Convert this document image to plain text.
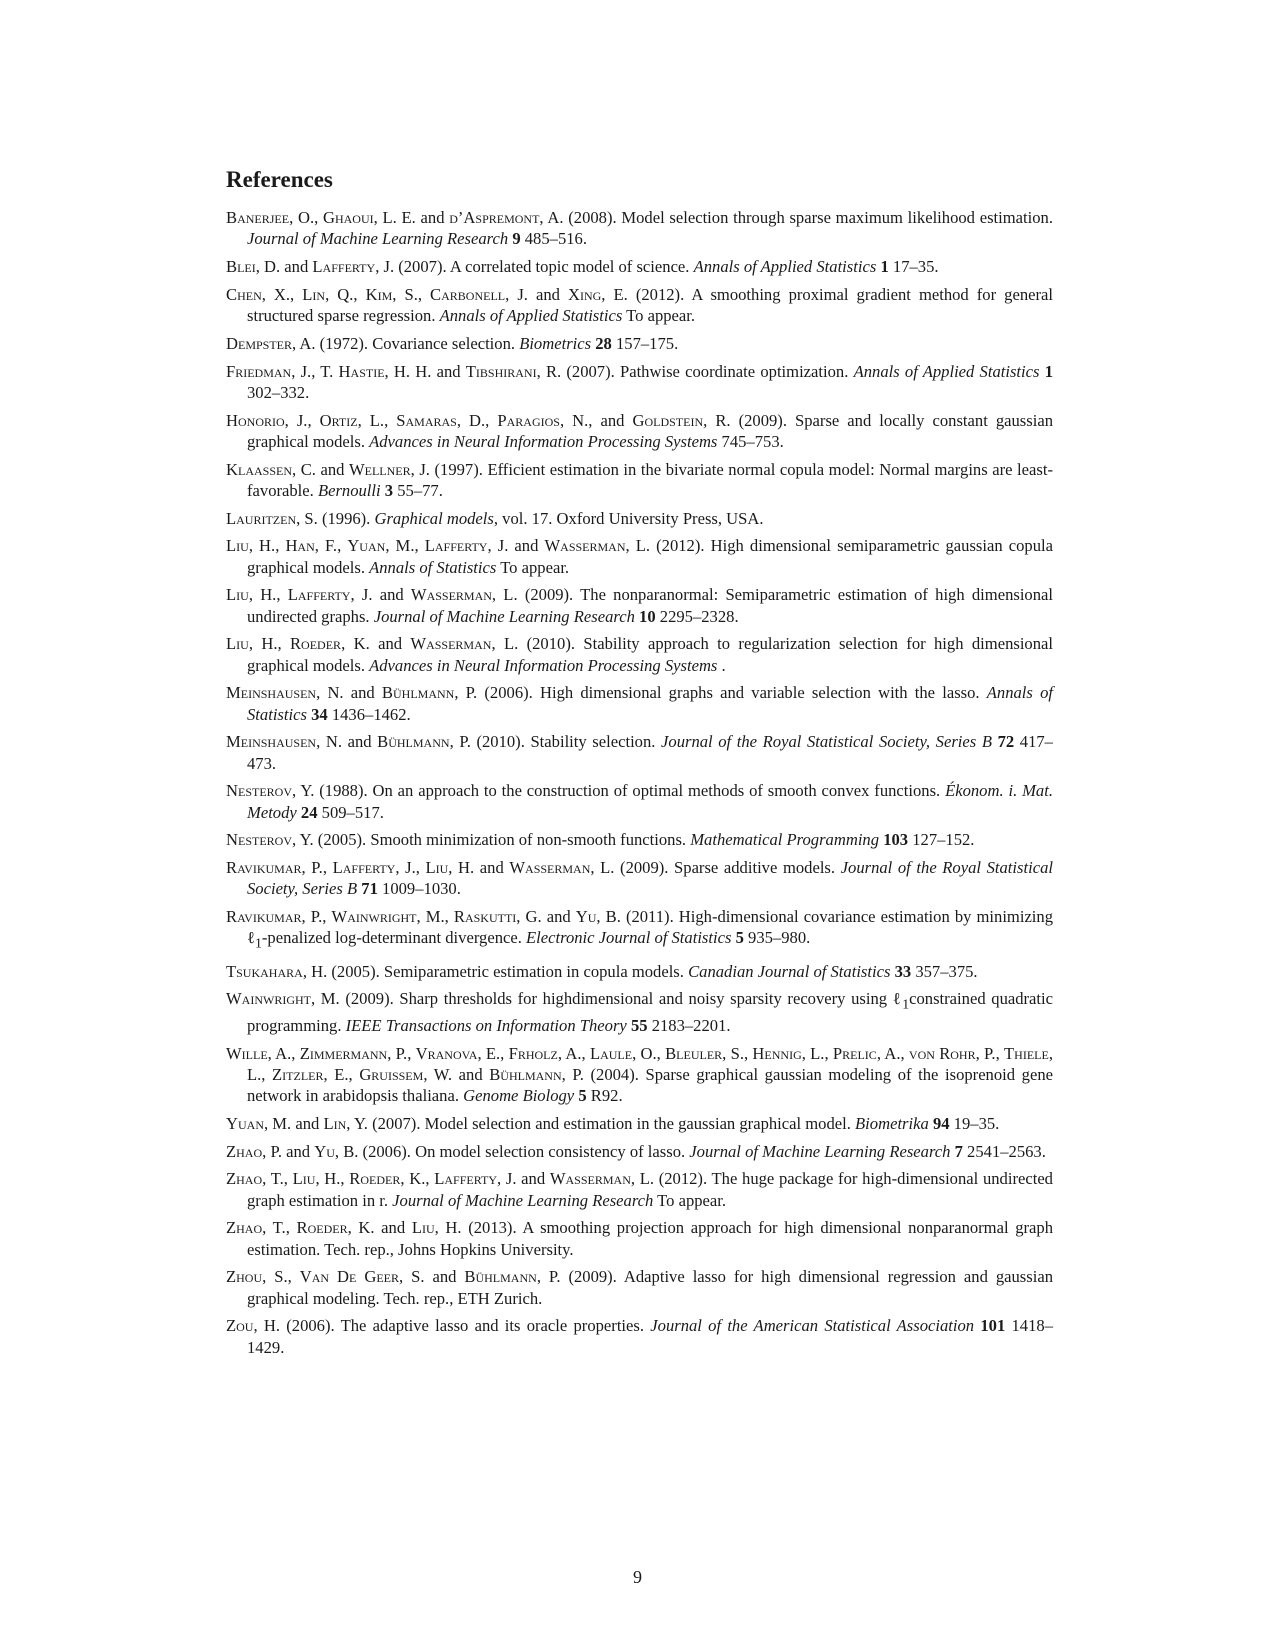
References
Banerjee, O., Ghaoui, L. E. and d’Aspremont, A. (2008). Model selection through sparse maximum likelihood estimation. Journal of Machine Learning Research 9 485–516.
Blei, D. and Lafferty, J. (2007). A correlated topic model of science. Annals of Applied Statistics 1 17–35.
Chen, X., Lin, Q., Kim, S., Carbonell, J. and Xing, E. (2012). A smoothing proximal gradient method for general structured sparse regression. Annals of Applied Statistics To appear.
Dempster, A. (1972). Covariance selection. Biometrics 28 157–175.
Friedman, J., T. Hastie, H. H. and Tibshirani, R. (2007). Pathwise coordinate optimization. Annals of Applied Statistics 1 302–332.
Honorio, J., Ortiz, L., Samaras, D., Paragios, N., and Goldstein, R. (2009). Sparse and locally constant gaussian graphical models. Advances in Neural Information Processing Systems 745–753.
Klaassen, C. and Wellner, J. (1997). Efficient estimation in the bivariate normal copula model: Normal margins are least-favorable. Bernoulli 3 55–77.
Lauritzen, S. (1996). Graphical models, vol. 17. Oxford University Press, USA.
Liu, H., Han, F., Yuan, M., Lafferty, J. and Wasserman, L. (2012). High dimensional semiparametric gaussian copula graphical models. Annals of Statistics To appear.
Liu, H., Lafferty, J. and Wasserman, L. (2009). The nonparanormal: Semiparametric estimation of high dimensional undirected graphs. Journal of Machine Learning Research 10 2295–2328.
Liu, H., Roeder, K. and Wasserman, L. (2010). Stability approach to regularization selection for high dimensional graphical models. Advances in Neural Information Processing Systems .
Meinshausen, N. and Bühlmann, P. (2006). High dimensional graphs and variable selection with the lasso. Annals of Statistics 34 1436–1462.
Meinshausen, N. and Bühlmann, P. (2010). Stability selection. Journal of the Royal Statistical Society, Series B 72 417–473.
Nesterov, Y. (1988). On an approach to the construction of optimal methods of smooth convex functions. Ékonom. i. Mat. Metody 24 509–517.
Nesterov, Y. (2005). Smooth minimization of non-smooth functions. Mathematical Programming 103 127–152.
Ravikumar, P., Lafferty, J., Liu, H. and Wasserman, L. (2009). Sparse additive models. Journal of the Royal Statistical Society, Series B 71 1009–1030.
Ravikumar, P., Wainwright, M., Raskutti, G. and Yu, B. (2011). High-dimensional covariance estimation by minimizing ℓ$_1$-penalized log-determinant divergence. Electronic Journal of Statistics 5 935–980.
Tsukahara, H. (2005). Semiparametric estimation in copula models. Canadian Journal of Statistics 33 357–375.
Wainwright, M. (2009). Sharp thresholds for highdimensional and noisy sparsity recovery using ℓ$_1$constrained quadratic programming. IEEE Transactions on Information Theory 55 2183–2201.
Wille, A., Zimmermann, P., Vranova, E., Frholz, A., Laule, O., Bleuler, S., Hennig, L., Prelic, A., von Rohr, P., Thiele, L., Zitzler, E., Gruissem, W. and Bühlmann, P. (2004). Sparse graphical gaussian modeling of the isoprenoid gene network in arabidopsis thaliana. Genome Biology 5 R92.
Yuan, M. and Lin, Y. (2007). Model selection and estimation in the gaussian graphical model. Biometrika 94 19–35.
Zhao, P. and Yu, B. (2006). On model selection consistency of lasso. Journal of Machine Learning Research 7 2541–2563.
Zhao, T., Liu, H., Roeder, K., Lafferty, J. and Wasserman, L. (2012). The huge package for high-dimensional undirected graph estimation in r. Journal of Machine Learning Research To appear.
Zhao, T., Roeder, K. and Liu, H. (2013). A smoothing projection approach for high dimensional nonparanormal graph estimation. Tech. rep., Johns Hopkins University.
Zhou, S., Van De Geer, S. and Bühlmann, P. (2009). Adaptive lasso for high dimensional regression and gaussian graphical modeling. Tech. rep., ETH Zurich.
Zou, H. (2006). The adaptive lasso and its oracle properties. Journal of the American Statistical Association 101 1418–1429.
9
